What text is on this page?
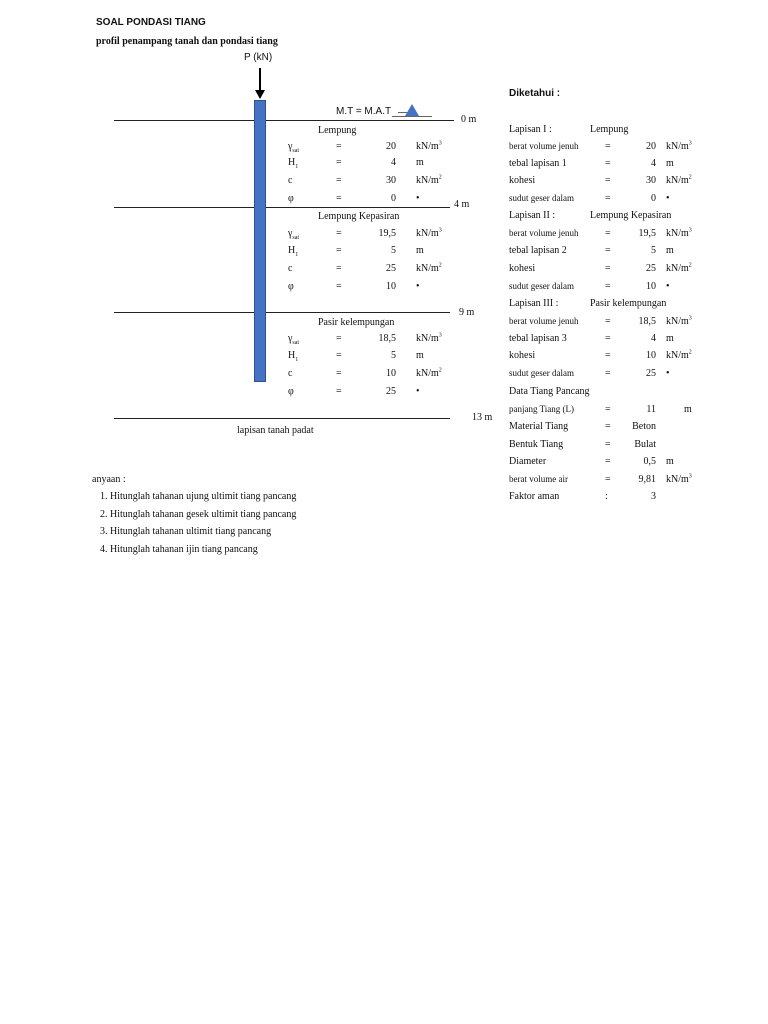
SOAL PONDASI TIANG
profil penampang tanah dan pondasi tiang
P (kN)
M.T = M.A.T
0 m
4 m
9 m
13 m
lapisan tanah padat
Lempung
$\gamma_{sat}$	=	20 $kN/m^3$
$H_1$	=	4 m
c	=	30 $kN/m^2$
φ	=	0 •
Lempung Kepasiran
$\gamma_{sat}$	=	19,5 $kN/m^3$
$H_1$	=	5 m
c	=	25 $kN/m^2$
φ	=	10 •
Pasir kelempungan
$\gamma_{sat}$	=	18,5 $kN/m^3$
$H_1$	=	5 m
c	=	10 $kN/m^2$
φ	=	25 •
Diketahui :
Lapisan I :	Lempung
berat volume jenuh	=	20 $kN/m^3$
tebal lapisan 1	=	4 m
kohesi	=	30 $kN/m^2$
sudut geser dalam	=	0 •
Lapisan II :	Lempung Kepasiran
berat volume jenuh	=	19,5 $kN/m^3$
tebal lapisan 2	=	5 m
kohesi	=	25 $kN/m^2$
sudut geser dalam	=	10 •
Lapisan III :	Pasir kelempungan
berat volume jenuh	=	18,5 $kN/m^3$
tebal lapisan 3	=	4 m
kohesi	=	10 $kN/m^2$
sudut geser dalam	=	25 •
Data Tiang Pancang
panjang Tiang (L)	=	11	m
Material Tiang	=	Beton
Bentuk Tiang	=	Bulat
Diameter	=	0,5 m
berat volume air	=	9,81 $kN/m^3$
Faktor aman	:	3
anyaan :
1. Hitunglah tahanan ujung ultimit tiang pancang
2. Hitunglah tahanan gesek ultimit tiang pancang
3. Hitunglah tahanan ultimit tiang pancang
4. Hitunglah tahanan ijin tiang pancang
